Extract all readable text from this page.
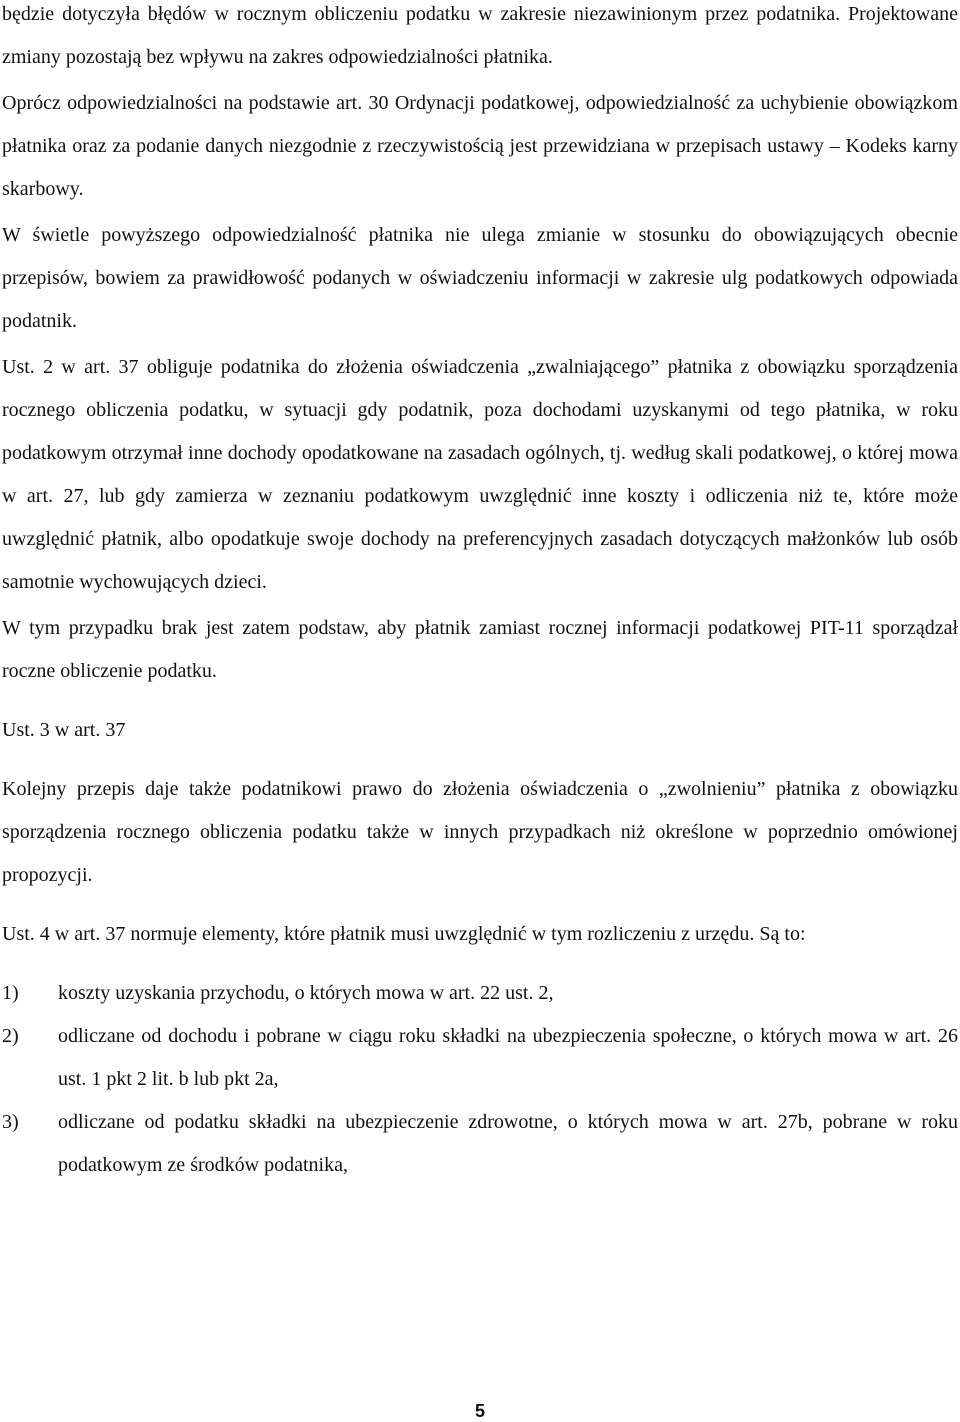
będzie dotyczyła błędów w rocznym obliczeniu podatku w zakresie niezawinionym przez podatnika. Projektowane zmiany pozostają bez wpływu na zakres odpowiedzialności płatnika.

Oprócz odpowiedzialności na podstawie art. 30 Ordynacji podatkowej, odpowiedzialność za uchybienie obowiązkom płatnika oraz za podanie danych niezgodnie z rzeczywistością jest przewidziana w przepisach ustawy – Kodeks karny skarbowy.

W świetle powyższego odpowiedzialność płatnika nie ulega zmianie w stosunku do obowiązujących obecnie przepisów, bowiem za prawidłowość podanych w oświadczeniu informacji w zakresie ulg podatkowych odpowiada podatnik.

Ust. 2 w art. 37 obliguje podatnika do złożenia oświadczenia „zwalniającego” płatnika z obowiązku sporządzenia rocznego obliczenia podatku, w sytuacji gdy podatnik, poza dochodami uzyskanymi od tego płatnika, w roku podatkowym otrzymał inne dochody opodatkowane na zasadach ogólnych, tj. według skali podatkowej, o której mowa w art. 27, lub gdy zamierza w zeznaniu podatkowym uwzględnić inne koszty i odliczenia niż te, które może uwzględnić płatnik, albo opodatkuje swoje dochody na preferencyjnych zasadach dotyczących małżonków lub osób samotnie wychowujących dzieci.

W tym przypadku brak jest zatem podstaw, aby płatnik zamiast rocznej informacji podatkowej PIT-11 sporządzał roczne obliczenie podatku.

Ust. 3 w art. 37

Kolejny przepis daje także podatnikowi prawo do złożenia oświadczenia o „zwolnieniu” płatnika z obowiązku sporządzenia rocznego obliczenia podatku także w innych przypadkach niż określone w poprzednio omówionej propozycji.

Ust. 4 w art. 37 normuje elementy, które płatnik musi uwzględnić w tym rozliczeniu z urzędu. Są to:

1)	koszty uzyskania przychodu, o których mowa w art. 22 ust. 2,
2)	odliczane od dochodu i pobrane w ciągu roku składki na ubezpieczenia społeczne, o których mowa w art. 26 ust. 1 pkt 2 lit. b lub pkt 2a,
3)	odliczane od podatku składki na ubezpieczenie zdrowotne, o których mowa w art. 27b, pobrane w roku podatkowym ze środków podatnika,
5
